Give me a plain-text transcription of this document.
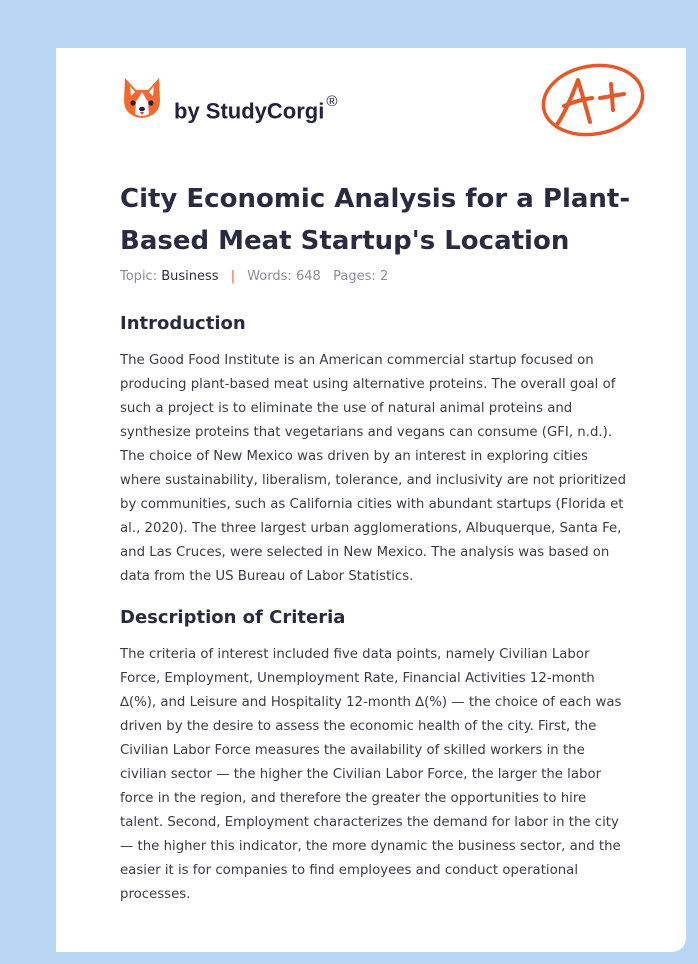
by StudyCorgi ®
City Economic Analysis for a Plant-Based Meat Startup's Location
Topic: Business | Words: 648 Pages: 2
Introduction

The Good Food Institute is an American commercial startup focused on producing plant-based meat using alternative proteins. The overall goal of such a project is to eliminate the use of natural animal proteins and synthesize proteins that vegetarians and vegans can consume (GFI, n.d.). The choice of New Mexico was driven by an interest in exploring cities where sustainability, liberalism, tolerance, and inclusivity are not prioritized by communities, such as California cities with abundant startups (Florida et al., 2020). The three largest urban agglomerations, Albuquerque, Santa Fe, and Las Cruces, were selected in New Mexico. The analysis was based on data from the US Bureau of Labor Statistics.

Description of Criteria

The criteria of interest included five data points, namely Civilian Labor Force, Employment, Unemployment Rate, Financial Activities 12-month ∆(%), and Leisure and Hospitality 12-month ∆(%) — the choice of each was driven by the desire to assess the economic health of the city. First, the Civilian Labor Force measures the availability of skilled workers in the civilian sector — the higher the Civilian Labor Force, the larger the labor force in the region, and therefore the greater the opportunities to hire talent. Second, Employment characterizes the demand for labor in the city — the higher this indicator, the more dynamic the business sector, and the easier it is for companies to find employees and conduct operational processes.
